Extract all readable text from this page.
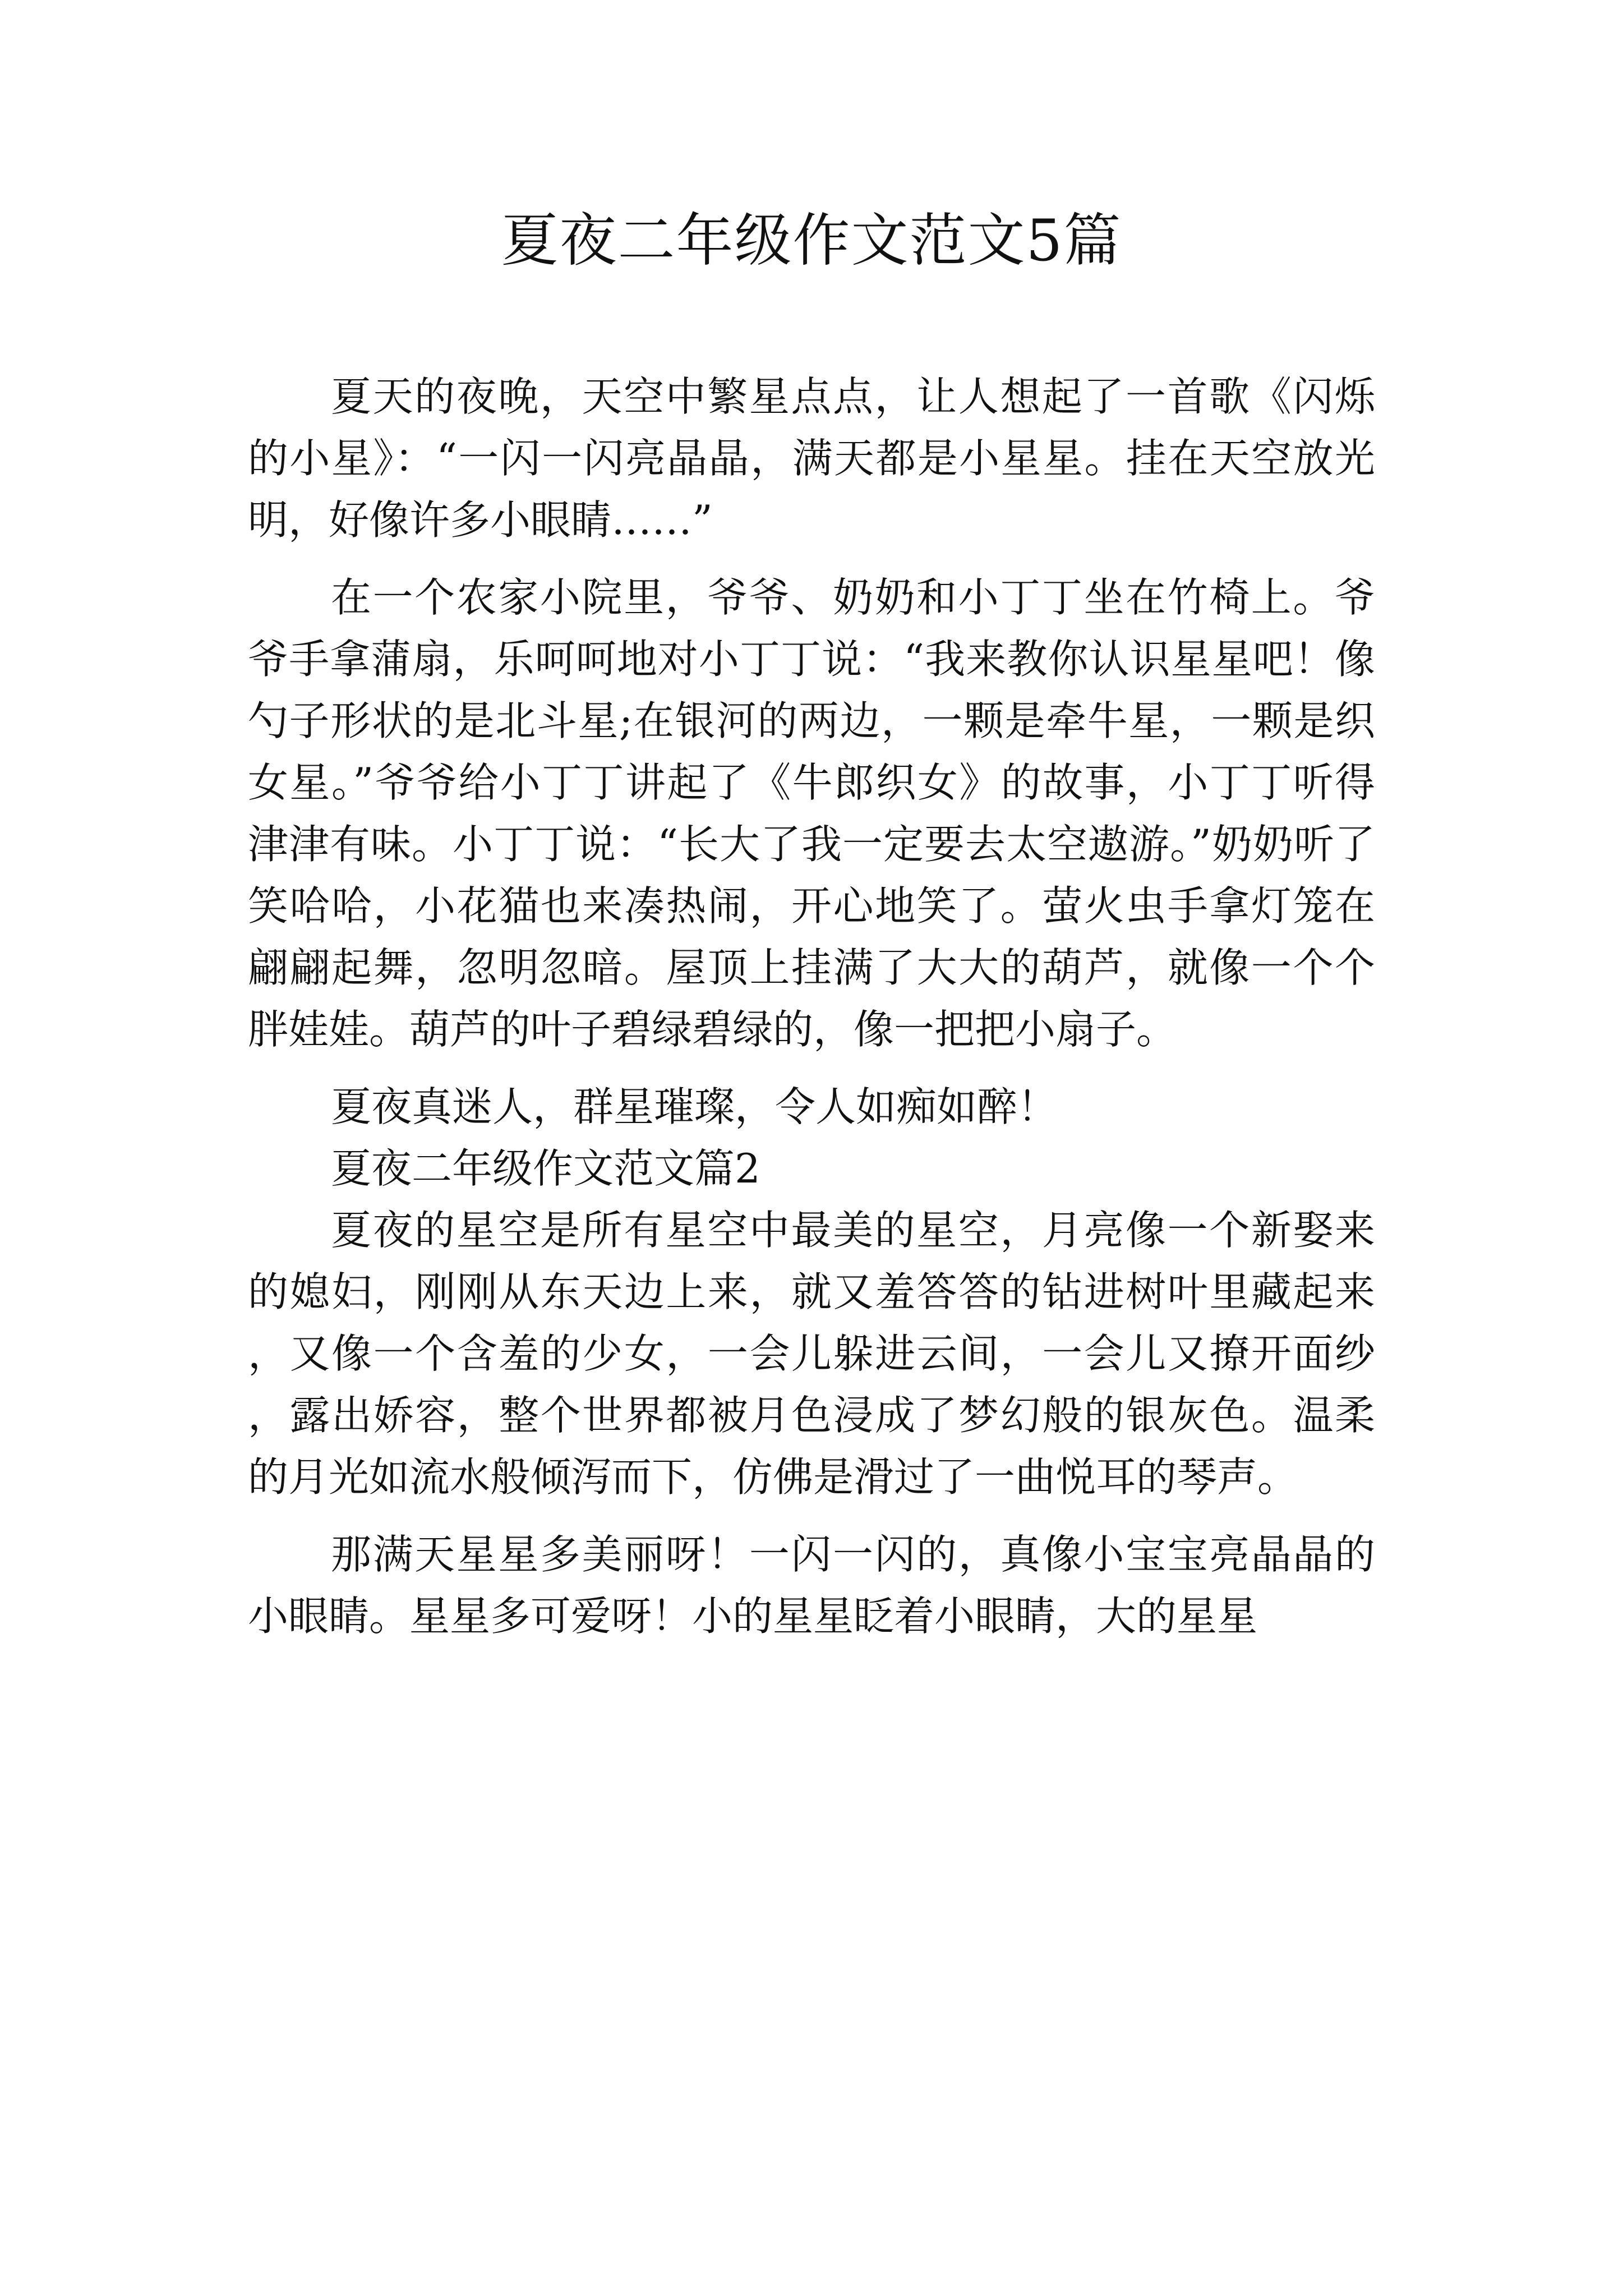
夏夜二年级作文范文5篇

夏天的夜晚，天空中繁星点点，让人想起了一首歌《闪烁的小星》：“一闪一闪亮晶晶，满天都是小星星。挂在天空放光明，好像许多小眼睛……”

在一个农家小院里，爷爷、奶奶和小丁丁坐在竹椅上。爷爷手拿蒲扇，乐呵呵地对小丁丁说：“我来教你认识星星吧！像勺子形状的是北斗星;在银河的两边，一颗是牵牛星，一颗是织女星。”爷爷给小丁丁讲起了《牛郎织女》的故事，小丁丁听得津津有味。小丁丁说：“长大了我一定要去太空遨游。”奶奶听了笑哈哈，小花猫也来凑热闹，开心地笑了。萤火虫手拿灯笼在翩翩起舞，忽明忽暗。屋顶上挂满了大大的葫芦，就像一个个胖娃娃。葫芦的叶子碧绿碧绿的，像一把把小扇子。

夏夜真迷人，群星璀璨，令人如痴如醉！

夏夜二年级作文范文篇2

夏夜的星空是所有星空中最美的星空，月亮像一个新娶来的媳妇，刚刚从东天边上来，就又羞答答的钻进树叶里藏起来，又像一个含羞的少女，一会儿躲进云间，一会儿又撩开面纱，露出娇容，整个世界都被月色浸成了梦幻般的银灰色。温柔的月光如流水般倾泻而下，仿佛是滑过了一曲悦耳的琴声。

那满天星星多美丽呀！一闪一闪的，真像小宝宝亮晶晶的小眼睛。星星多可爱呀！小的星星眨着小眼睛，大的星星
